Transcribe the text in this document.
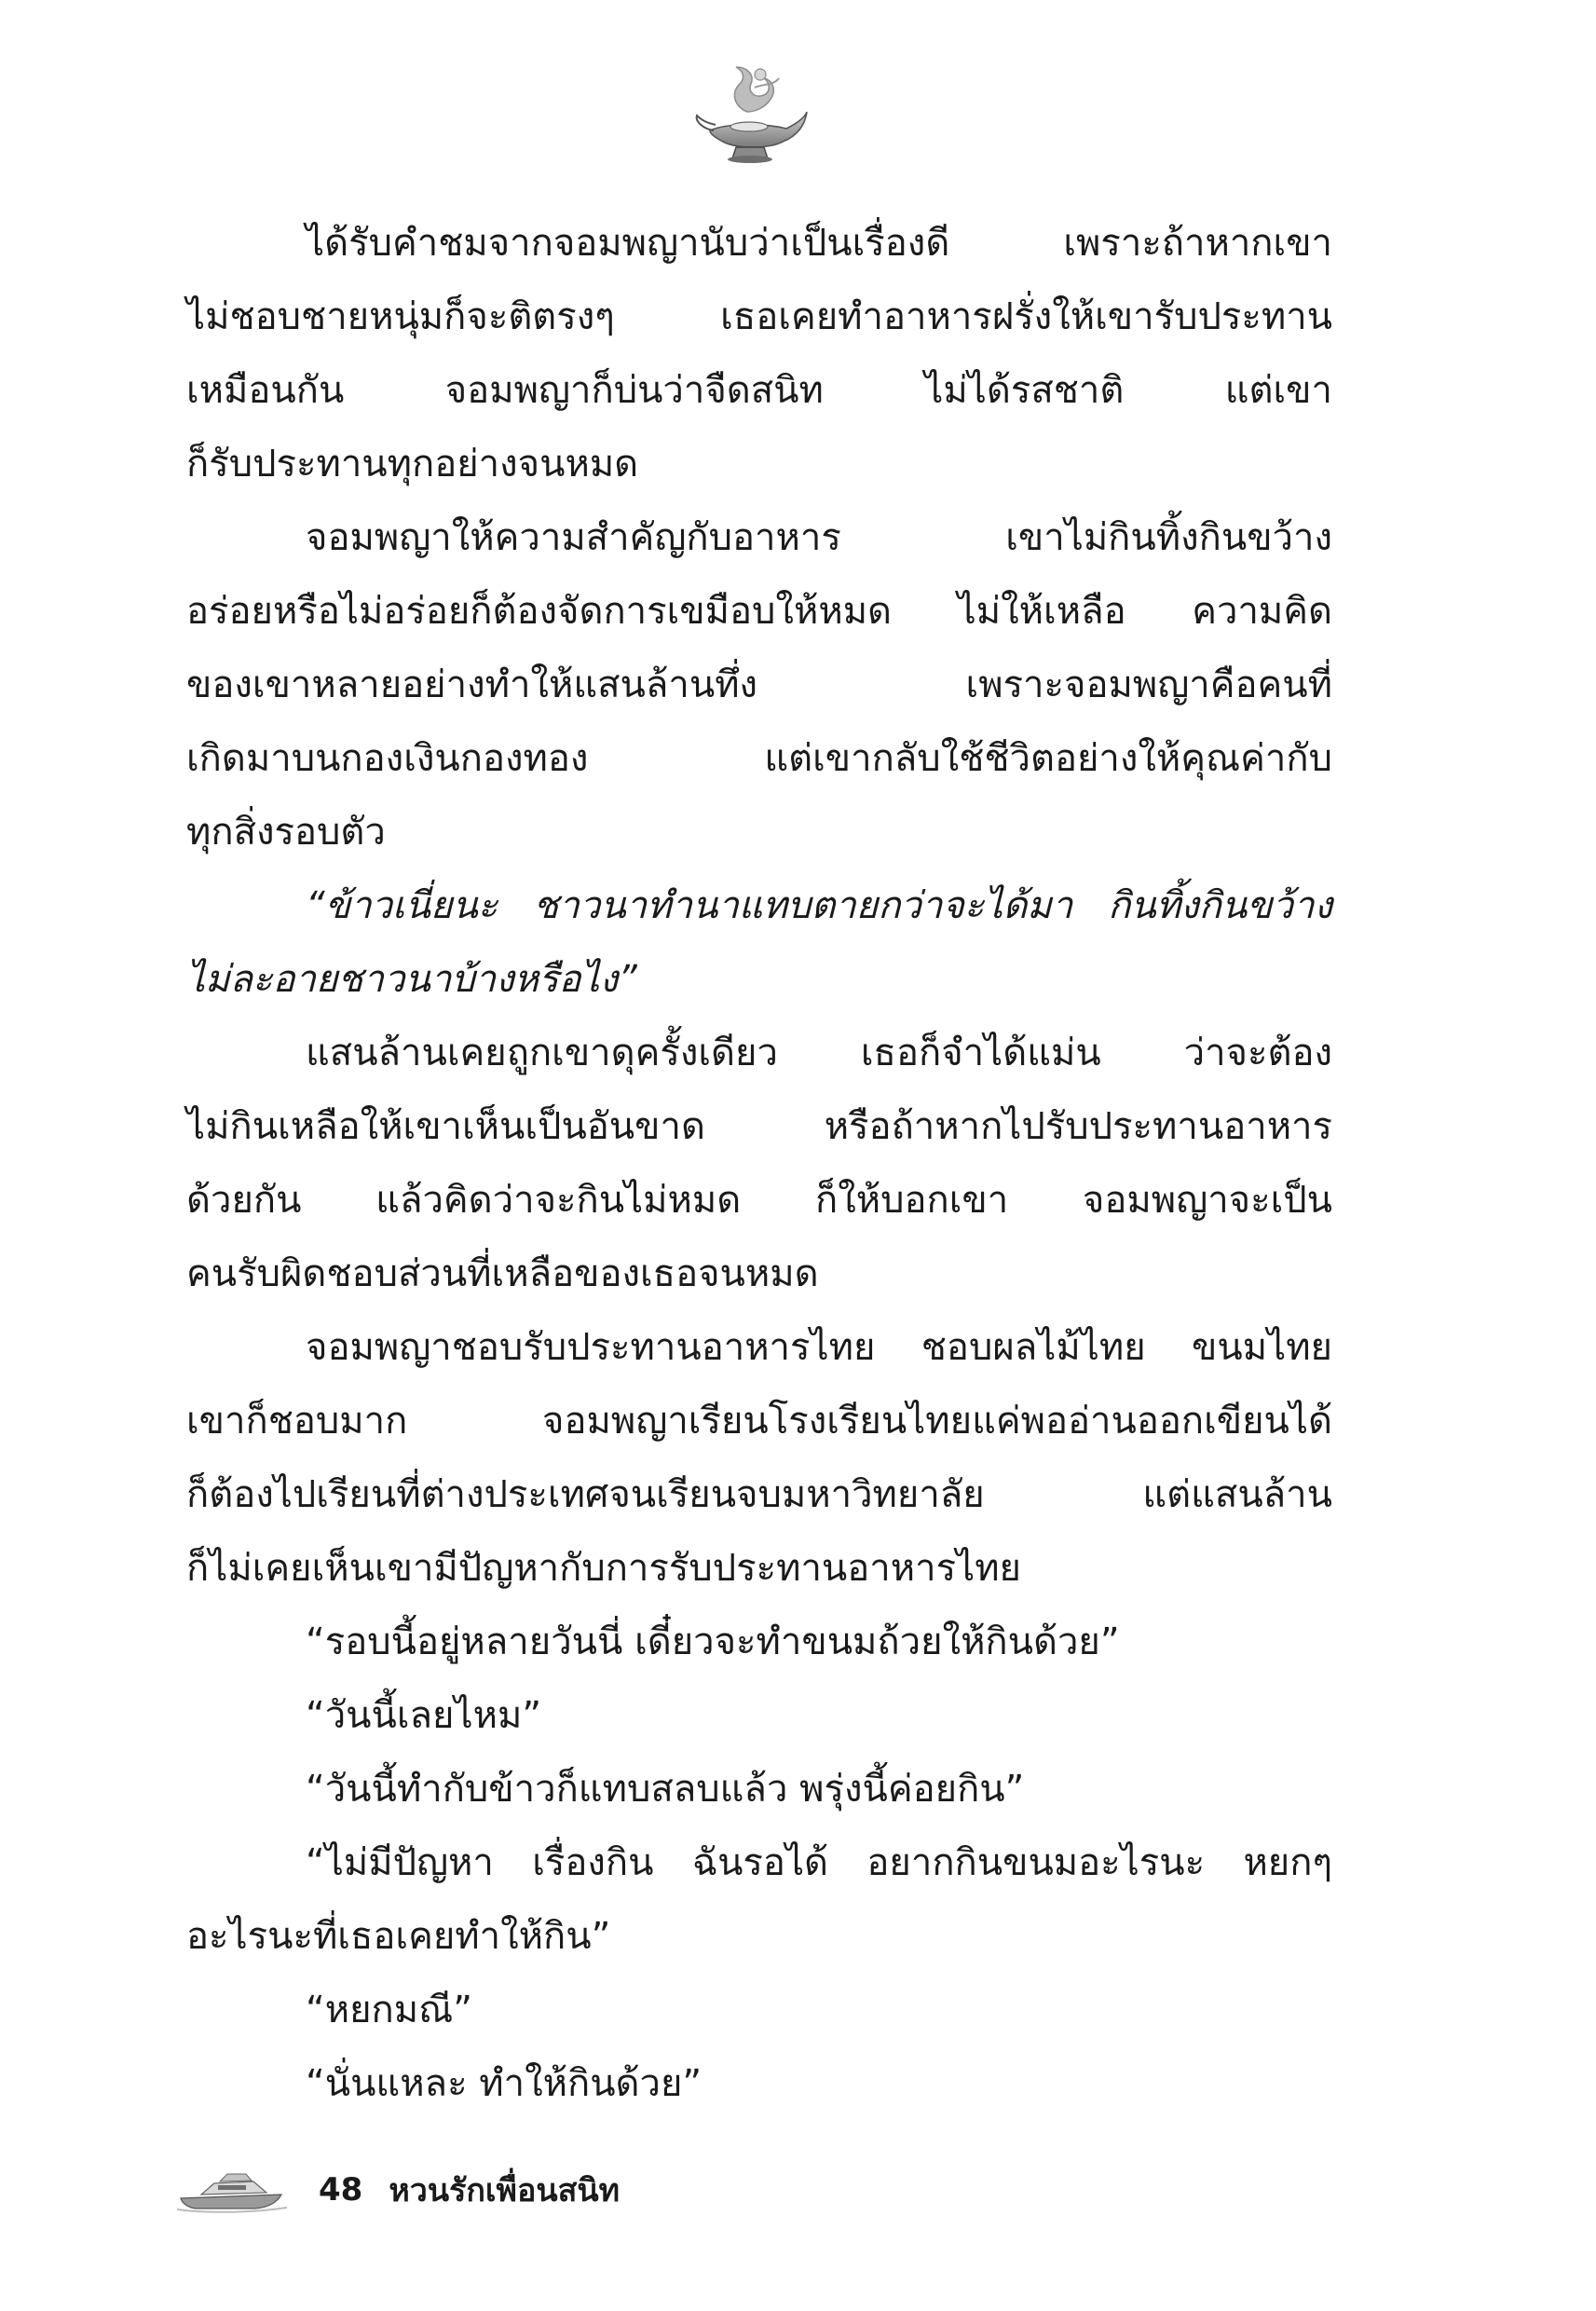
ได้รับคำชมจากจอมพญานับว่าเป็นเรื่องดี	เพราะถ้าหากเขา
ไม่ชอบชายหนุ่มก็จะติตรงๆ	เธอเคยทำอาหารฝรั่งให้เขารับประทาน
เหมือนกัน	จอมพญาก็บ่นว่าจืดสนิท	ไม่ได้รสชาติ	แต่เขา
ก็รับประทานทุกอย่างจนหมด
จอมพญาให้ความสำคัญกับอาหาร	เขาไม่กินทิ้งกินขว้าง
อร่อยหรือไม่อร่อยก็ต้องจัดการเขมือบให้หมด ไม่ให้เหลือ ความคิด
ของเขาหลายอย่างทำให้แสนล้านทึ่ง	เพราะจอมพญาคือคนที่
เกิดมาบนกองเงินกองทอง	แต่เขากลับใช้ชีวิตอย่างให้คุณค่ากับ
ทุกสิ่งรอบตัว
“ข้าวเนี่ยนะ ชาวนาทำนาแทบตายกว่าจะได้มา กินทิ้งกินขว้าง
ไม่ละอายชาวนาบ้างหรือไง”
แสนล้านเคยถูกเขาดุครั้งเดียว เธอก็จำได้แม่น ว่าจะต้อง
ไม่กินเหลือให้เขาเห็นเป็นอันขาด	หรือถ้าหากไปรับประทานอาหาร
ด้วยกัน แล้วคิดว่าจะกินไม่หมด ก็ให้บอกเขา จอมพญาจะเป็น
คนรับผิดชอบส่วนที่เหลือของเธอจนหมด
จอมพญาชอบรับประทานอาหารไทย ชอบผลไม้ไทย ขนมไทย
เขาก็ชอบมาก	จอมพญาเรียนโรงเรียนไทยแค่พออ่านออกเขียนได้
ก็ต้องไปเรียนที่ต่างประเทศจนเรียนจบมหาวิทยาลัย	แต่แสนล้าน
ก็ไม่เคยเห็นเขามีปัญหากับการรับประทานอาหารไทย
“รอบนี้อยู่หลายวันนี่ เดี๋ยวจะทำขนมถ้วยให้กินด้วย”
“วันนี้เลยไหม”
“วันนี้ทำกับข้าวก็แทบสลบแล้ว พรุ่งนี้ค่อยกิน”
“ไม่มีปัญหา เรื่องกิน ฉันรอได้ อยากกินขนมอะไรนะ หยกๆ
อะไรนะที่เธอเคยทำให้กิน”
“หยกมณี”
“นั่นแหละ ทำให้กินด้วย”
48 หวนรักเพื่อนสนิท
